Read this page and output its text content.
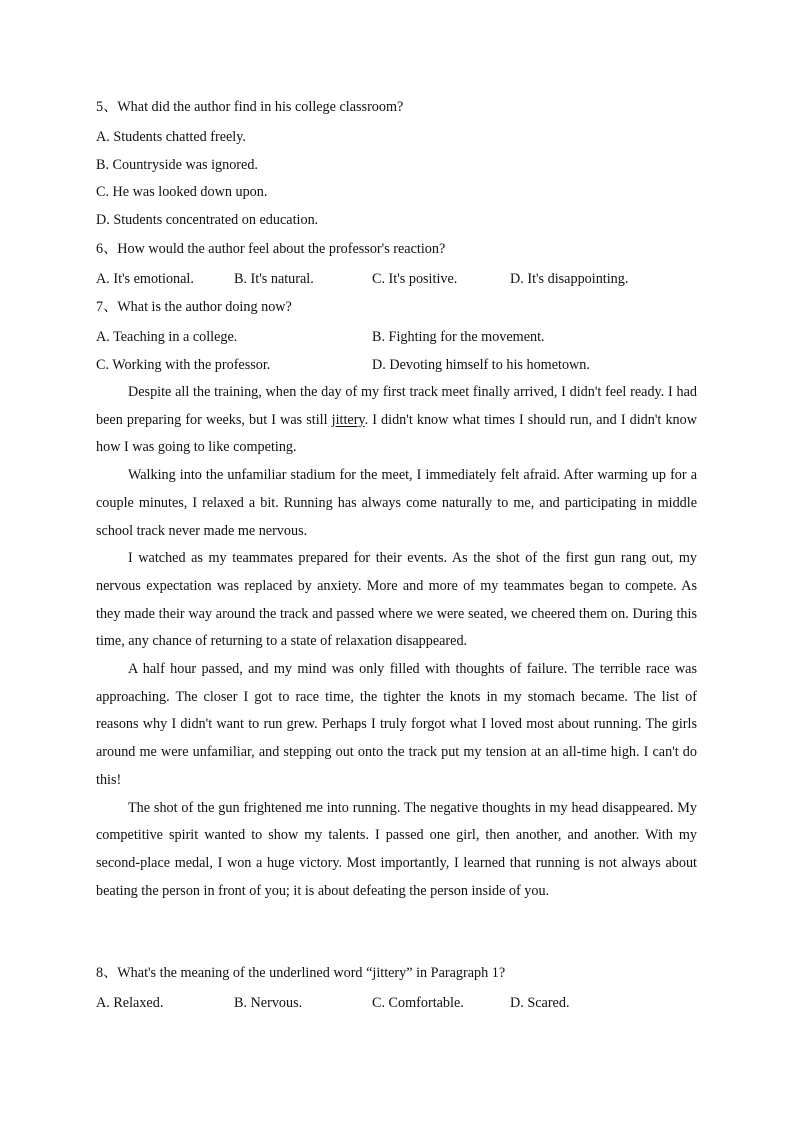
5、What did the author find in his college classroom?
A. Students chatted freely.
B. Countryside was ignored.
C. He was looked down upon.
D. Students concentrated on education.
6、How would the author feel about the professor's reaction?
A. It's emotional.	B. It's natural.	C. It's positive.	D. It's disappointing.
7、What is the author doing now?
A. Teaching in a college.	B. Fighting for the movement.
C. Working with the professor.	D. Devoting himself to his hometown.

Despite all the training, when the day of my first track meet finally arrived, I didn't feel ready. I had been preparing for weeks, but I was still jittery. I didn't know what times I should run, and I didn't know how I was going to like competing.

Walking into the unfamiliar stadium for the meet, I immediately felt afraid. After warming up for a couple minutes, I relaxed a bit. Running has always come naturally to me, and participating in middle school track never made me nervous.

I watched as my teammates prepared for their events. As the shot of the first gun rang out, my nervous expectation was replaced by anxiety. More and more of my teammates began to compete. As they made their way around the track and passed where we were seated, we cheered them on. During this time, any chance of returning to a state of relaxation disappeared.

A half hour passed, and my mind was only filled with thoughts of failure. The terrible race was approaching. The closer I got to race time, the tighter the knots in my stomach became. The list of reasons why I didn't want to run grew. Perhaps I truly forgot what I loved most about running. The girls around me were unfamiliar, and stepping out onto the track put my tension at an all-time high. I can't do this!

The shot of the gun frightened me into running. The negative thoughts in my head disappeared. My competitive spirit wanted to show my talents. I passed one girl, then another, and another. With my second-place medal, I won a huge victory. Most importantly, I learned that running is not always about beating the person in front of you; it is about defeating the person inside of you.

8、What's the meaning of the underlined word “jittery” in Paragraph 1?
A. Relaxed.	B. Nervous.	C. Comfortable.	D. Scared.
